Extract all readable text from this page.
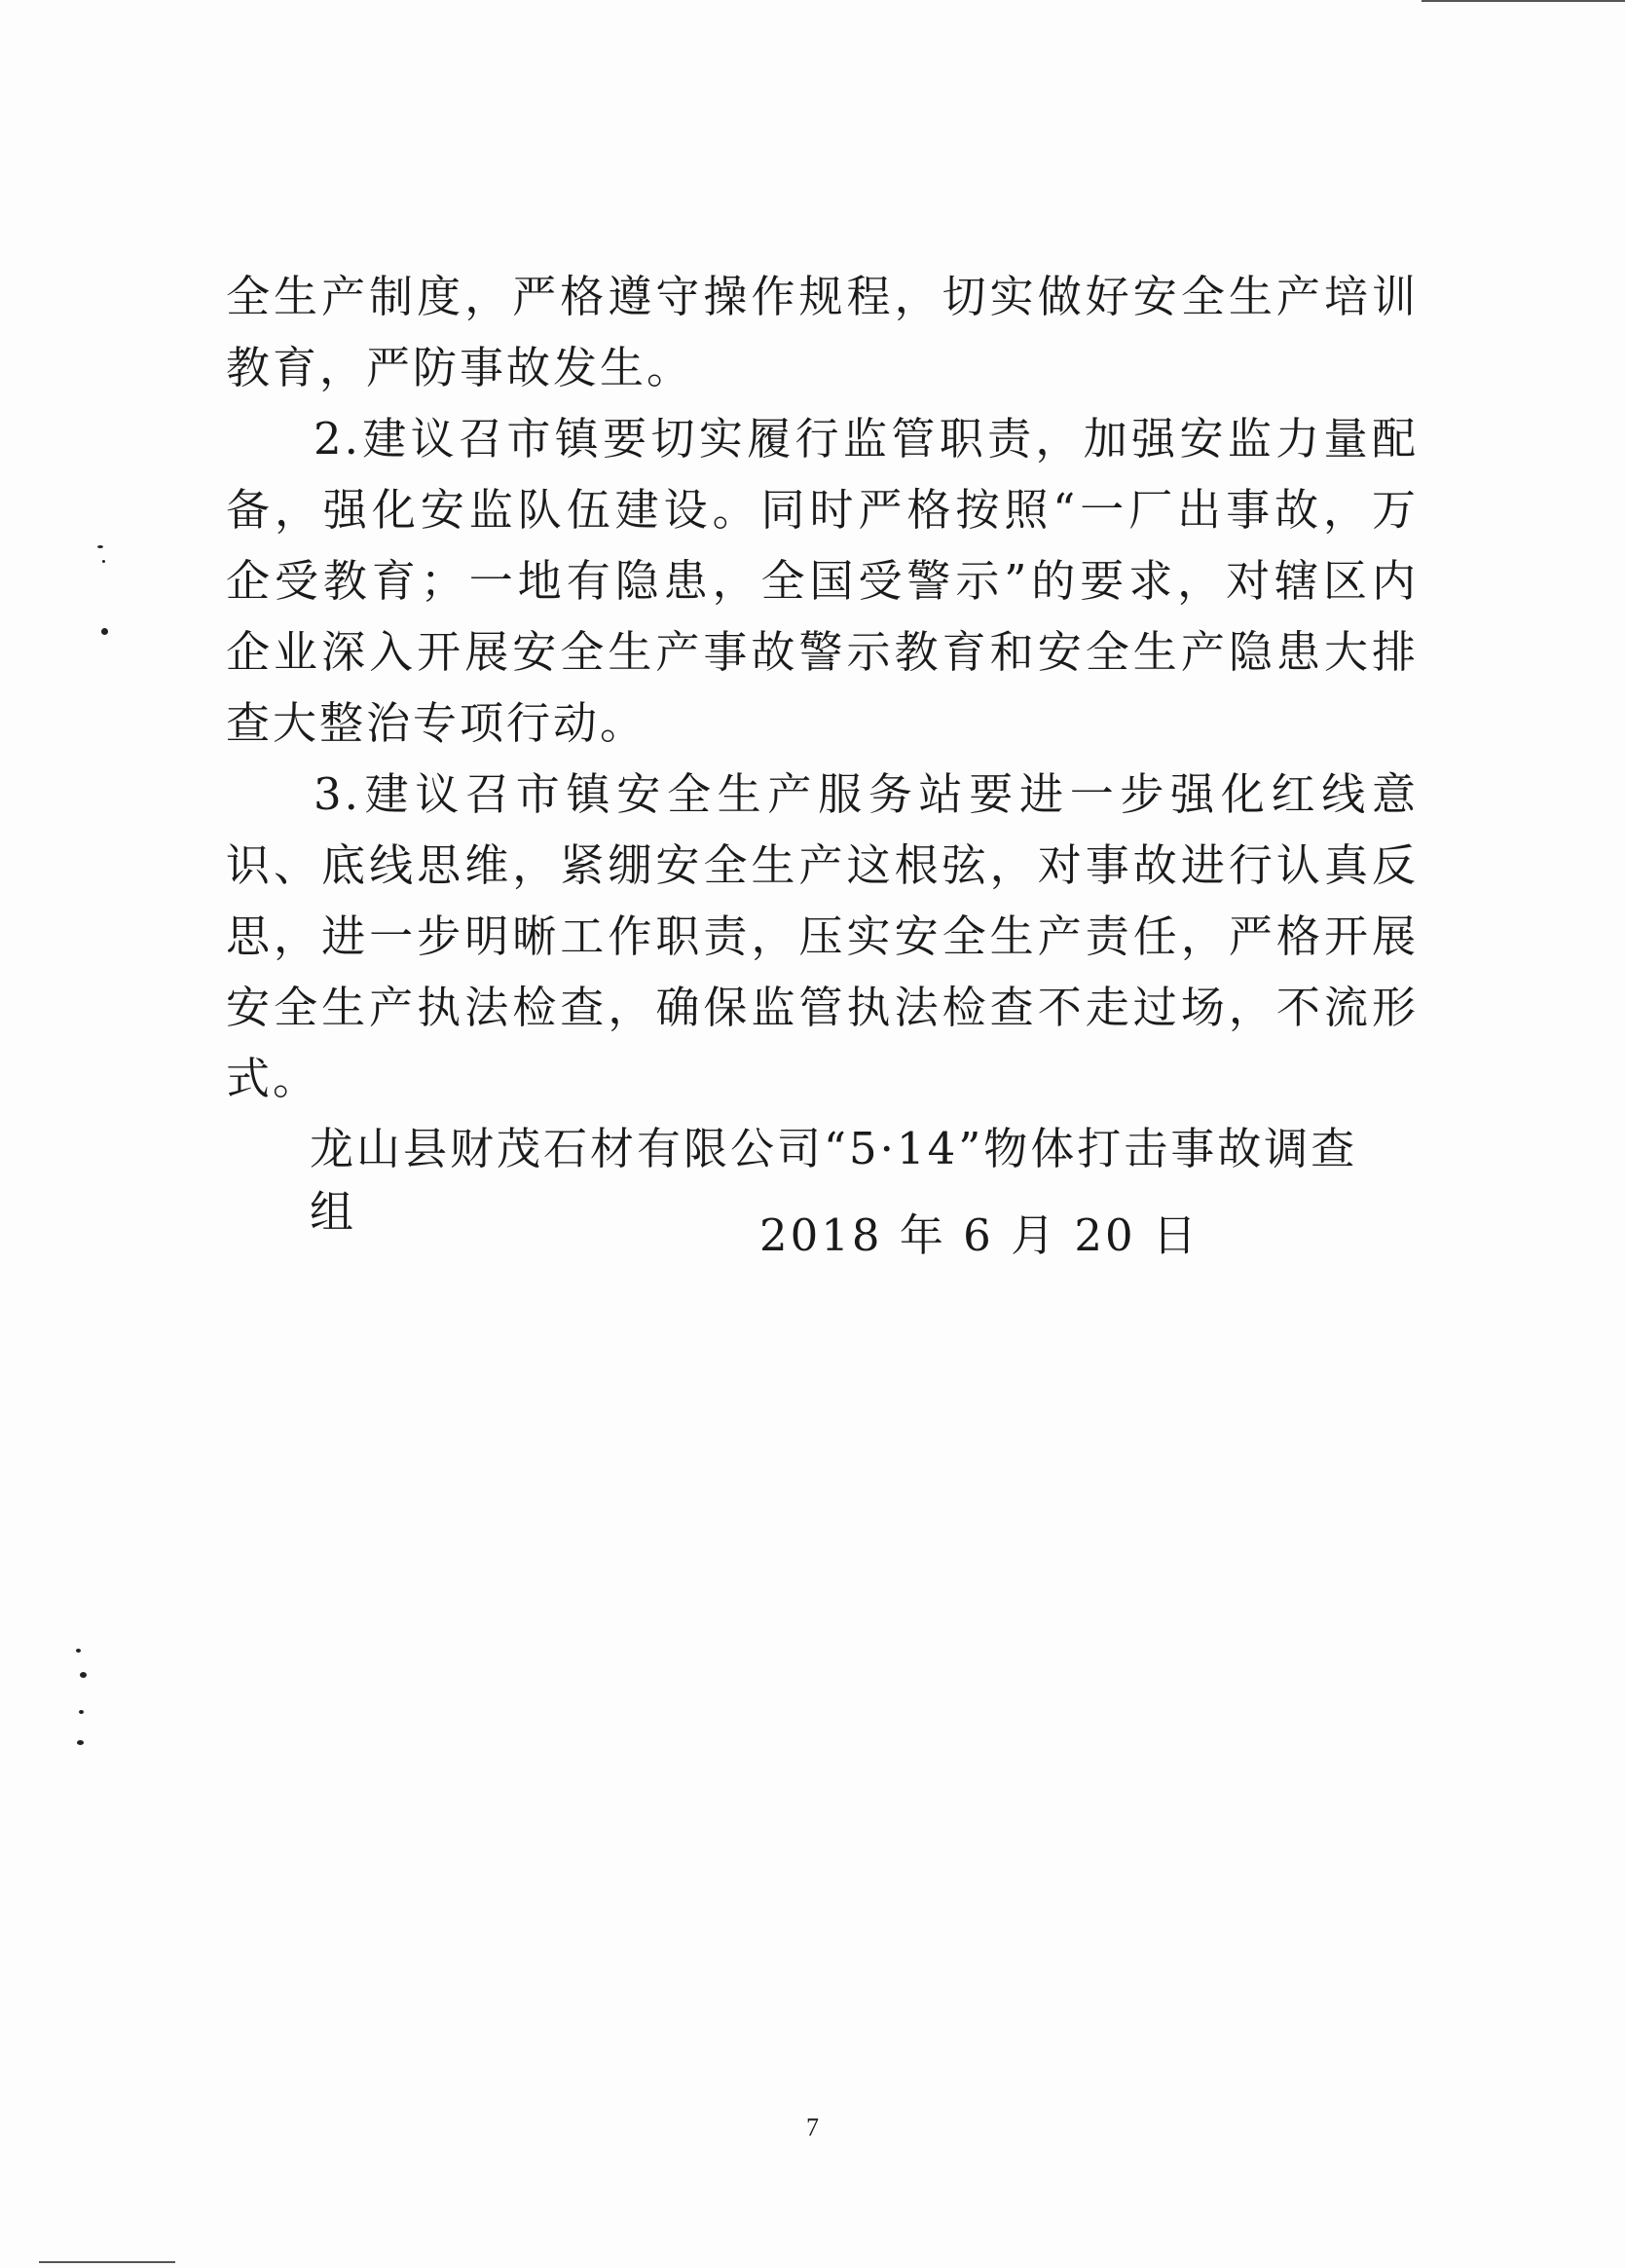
全生产制度，严格遵守操作规程，切实做好安全生产培训教育，严防事故发生。

2.建议召市镇要切实履行监管职责，加强安监力量配备，强化安监队伍建设。同时严格按照“一厂出事故，万企受教育；一地有隐患，全国受警示”的要求，对辖区内企业深入开展安全生产事故警示教育和安全生产隐患大排查大整治专项行动。

3.建议召市镇安全生产服务站要进一步强化红线意识、底线思维，紧绷安全生产这根弦，对事故进行认真反思，进一步明晰工作职责，压实安全生产责任，严格开展安全生产执法检查，确保监管执法检查不走过场，不流形式。

龙山县财茂石材有限公司“5·14”物体打击事故调查组	2018 年 6 月 20 日
7
